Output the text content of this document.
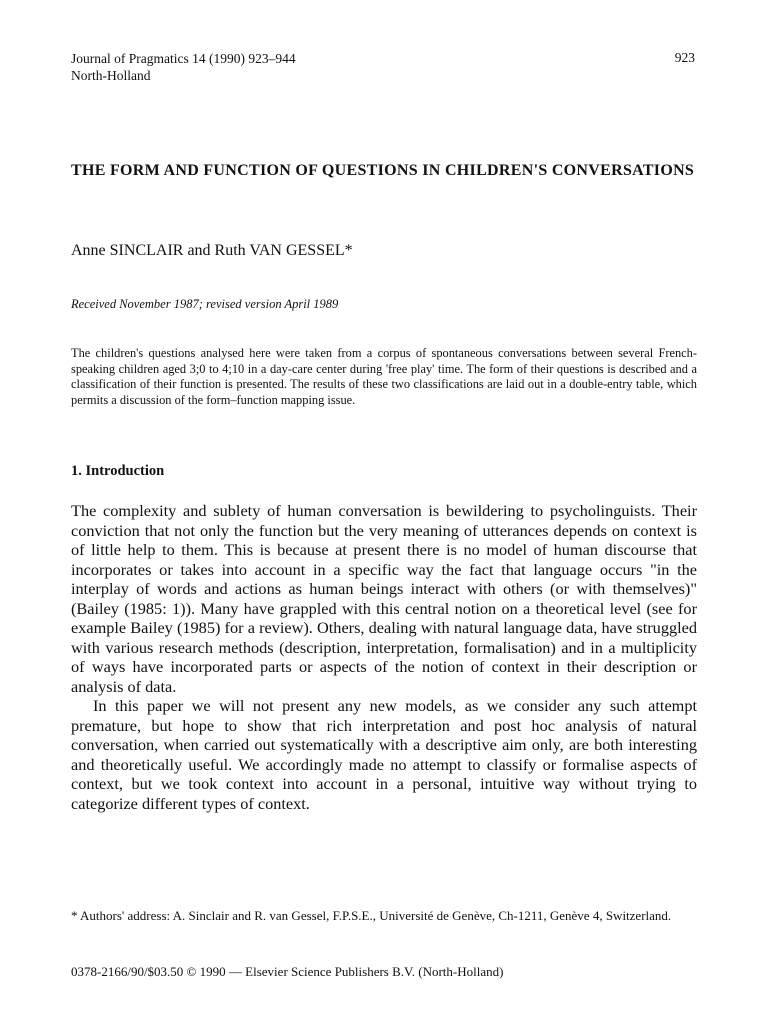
Journal of Pragmatics 14 (1990) 923–944
North-Holland
923
THE FORM AND FUNCTION OF QUESTIONS IN CHILDREN'S CONVERSATIONS
Anne SINCLAIR and Ruth VAN GESSEL*
Received November 1987; revised version April 1989
The children's questions analysed here were taken from a corpus of spontaneous conversations between several French-speaking children aged 3;0 to 4;10 in a day-care center during 'free play' time. The form of their questions is described and a classification of their function is presented. The results of these two classifications are laid out in a double-entry table, which permits a discussion of the form–function mapping issue.
1. Introduction

The complexity and sublety of human conversation is bewildering to psycholinguists. Their conviction that not only the function but the very meaning of utterances depends on context is of little help to them. This is because at present there is no model of human discourse that incorporates or takes into account in a specific way the fact that language occurs "in the interplay of words and actions as human beings interact with others (or with themselves)" (Bailey (1985: 1)). Many have grappled with this central notion on a theoretical level (see for example Bailey (1985) for a review). Others, dealing with natural language data, have struggled with various research methods (description, interpretation, formalisation) and in a multiplicity of ways have incorporated parts or aspects of the notion of context in their description or analysis of data.

In this paper we will not present any new models, as we consider any such attempt premature, but hope to show that rich interpretation and post hoc analysis of natural conversation, when carried out systematically with a descriptive aim only, are both interesting and theoretically useful. We accordingly made no attempt to classify or formalise aspects of context, but we took context into account in a personal, intuitive way without trying to categorize different types of context.

* Authors' address: A. Sinclair and R. van Gessel, F.P.S.E., Université de Genève, Ch-1211, Genève 4, Switzerland.
0378-2166/90/$03.50 © 1990 — Elsevier Science Publishers B.V. (North-Holland)
